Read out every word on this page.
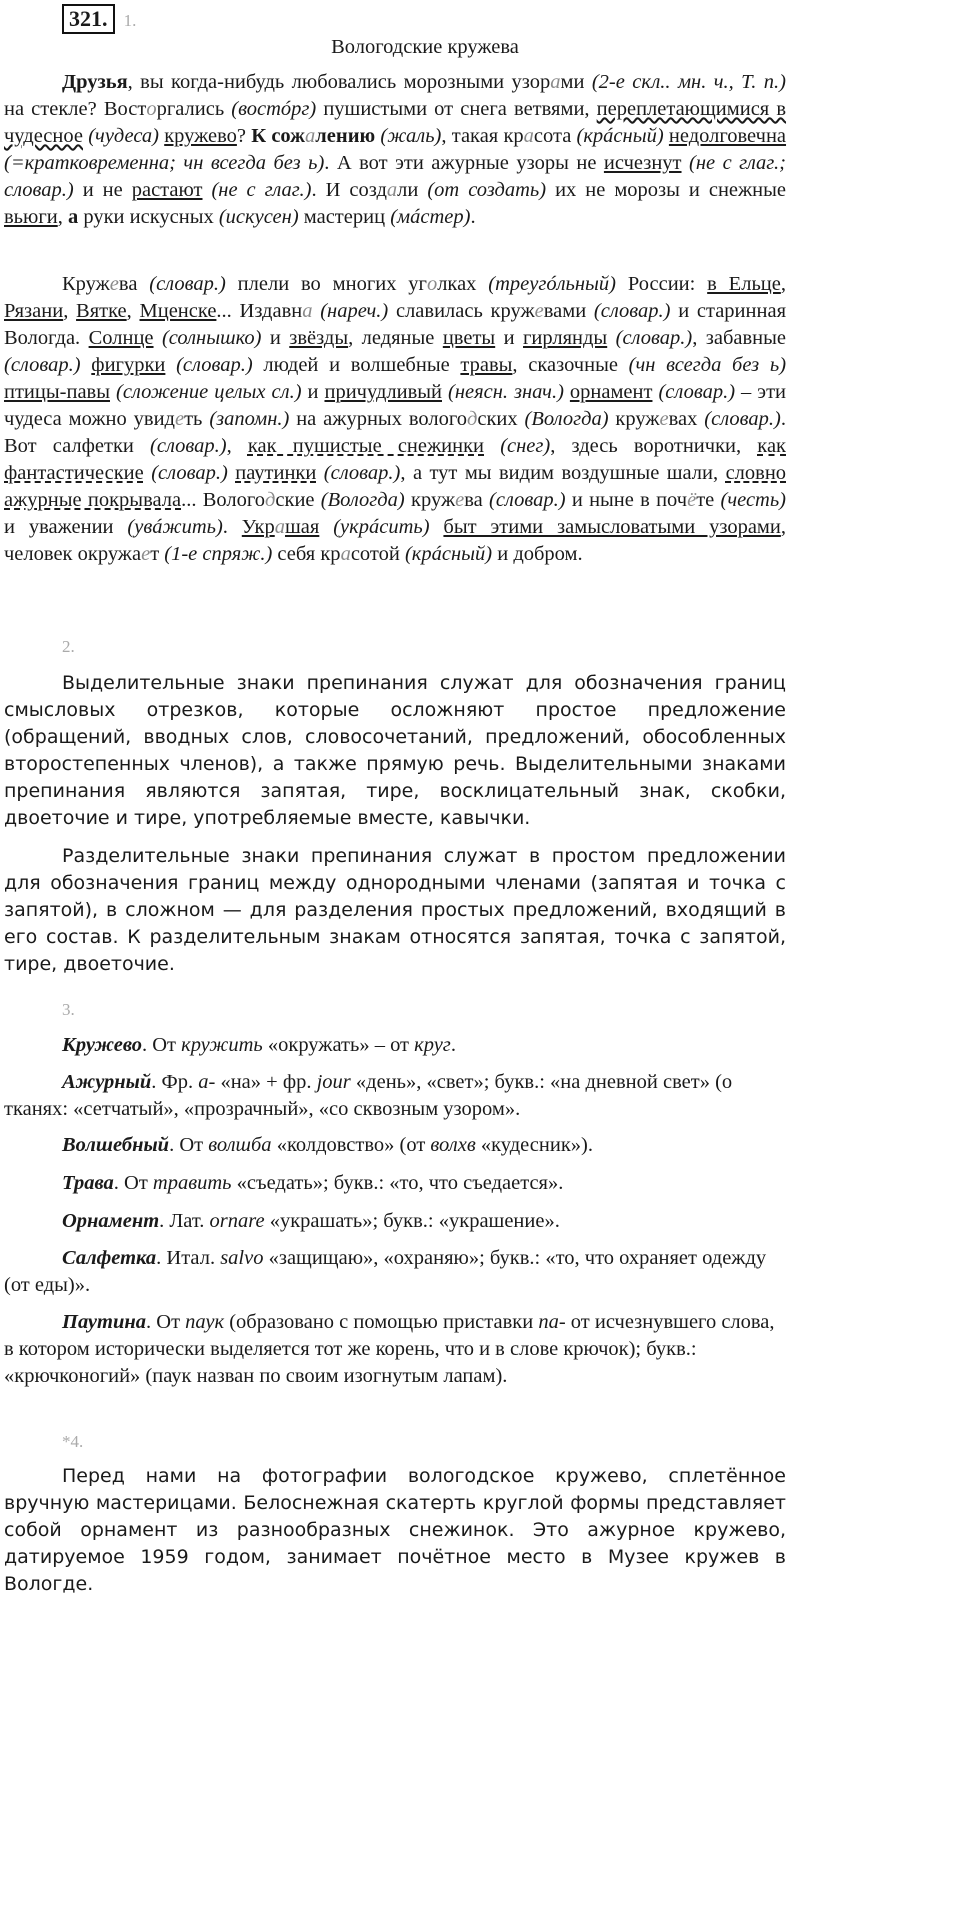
321. 1.
Вологодские кружева

Друзья, вы когда-нибудь любовались морозными узорами (2-е скл.. мн. ч., Т. п.) на стекле? Восторгались (востóрг) пушистыми от снега ветвями, переплетающимися в чудесное (чудеса) кружево? К сожалению (жаль), такая красота (крáсный) недолговечна (=кратковременна; чн всегда без ь). А вот эти ажурные узоры не исчезнут (не с глаг.; словар.) и не растают (не с глаг.). И создали (от создать) их не морозы и снежные вьюги, а руки искусных (искусен) мастериц (мáстер).

Кружева (словар.) плели во многих уголках (треугóльный) России: в Ельце, Рязани, Вятке, Мценске... Издавна (нареч.) славилась кружевами (словар.) и старинная Вологда. Солнце (солнышко) и звёзды, ледяные цветы и гирлянды (словар.), забавные (словар.) фигурки (словар.) людей и волшебные травы, сказочные (чн всегда без ь) птицы-павы (сложение целых сл.) и причудливый (неясн. знач.) орнамент (словар.) – эти чудеса можно увидеть (запомн.) на ажурных вологодских (Вологда) кружевах (словар.). Вот салфетки (словар.), как пушистые снежинки (снег), здесь воротнички, как фантастические (словар.) паутинки (словар.), а тут мы видим воздушные шали, словно ажурные покрывала... Вологодские (Вологда) кружева (словар.) и ныне в почёте (честь) и уважении (увáжить). Украшая (укрáсить) быт этими замысловатыми узорами, человек окружает (1-е спряж.) себя красотой (крáсный) и добром.

2.

Выделительные знаки препинания служат для обозначения границ смысловых отрезков, которые осложняют простое предложение (обращений, вводных слов, словосочетаний, предложений, обособленных второстепенных членов), а также прямую речь. Выделительными знаками препинания являются запятая, тире, восклицательный знак, скобки, двоеточие и тире, употребляемые вместе, кавычки.

Разделительные знаки препинания служат в простом предложении для обозначения границ между однородными членами (запятая и точка с запятой), в сложном — для разделения простых предложений, входящий в его состав. К разделительным знакам относятся запятая, точка с запятой, тире, двоеточие.

3.
Кружево. От кружить «окружать» – от круг.
Ажурный. Фр. а- «на» + фр. jour «день», «свет»; букв.: «на дневной свет» (о тканях: «сетчатый», «прозрачный», «со сквозным узором».
Волшебный. От волшба «колдовство» (от волхв «кудесник»).
Трава. От травить «съедать»; букв.: «то, что съедается».
Орнамент. Лат. ornare «украшать»; букв.: «украшение».
Салфетка. Итал. salvo «защищаю», «охраняю»; букв.: «то, что охраняет одежду (от еды)».
Паутина. От паук (образовано с помощью приставки па- от исчезнувшего слова, в котором исторически выделяется тот же корень, что и в слове крючок); букв.: «крючконогий» (паук назван по своим изогнутым лапам).
*4.

Перед нами на фотографии вологодское кружево, сплетённое вручную мастерицами. Белоснежная скатерть круглой формы представляет собой орнамент из разнообразных снежинок. Это ажурное кружево, датируемое 1959 годом, занимает почётное место в Музее кружев в Вологде.
